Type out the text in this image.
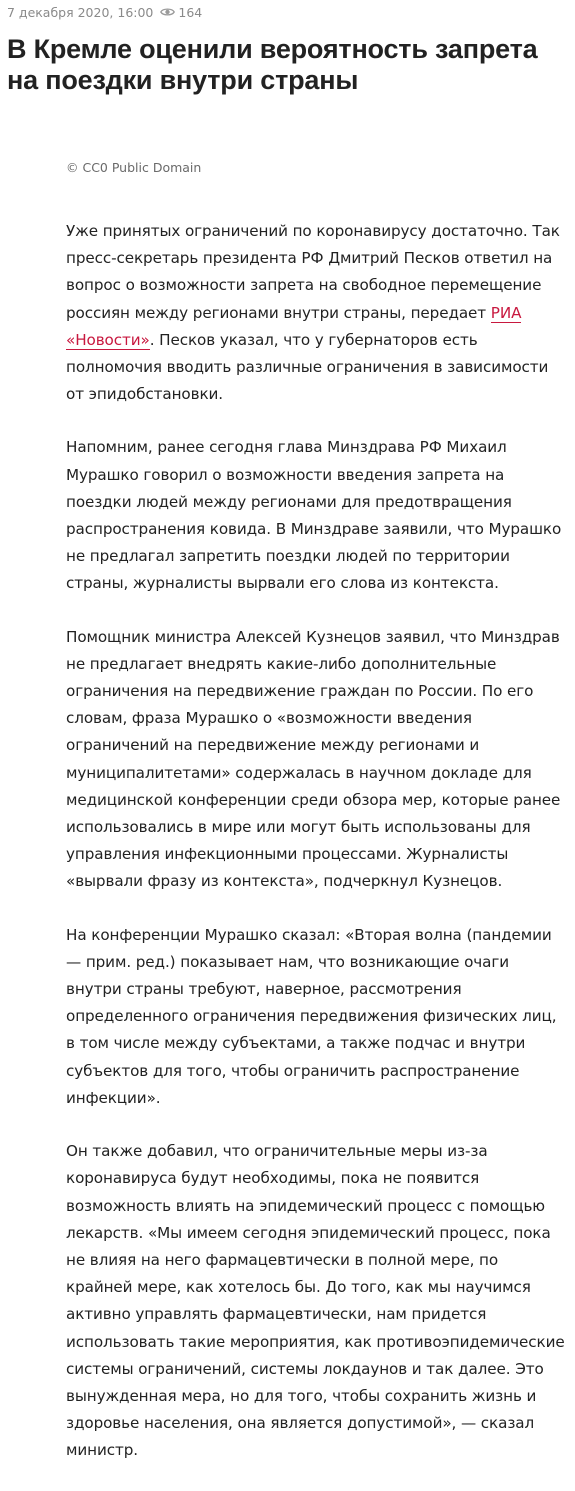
7 декабря 2020, 16:00 164
В Кремле оценили вероятность запрета на поездки внутри страны
© CC0 Public Domain

Уже принятых ограничений по коронавирусу достаточно. Так пресс-секретарь президента РФ Дмитрий Песков ответил на вопрос о возможности запрета на свободное перемещение россиян между регионами внутри страны, передает РИА «Новости». Песков указал, что у губернаторов есть полномочия вводить различные ограничения в зависимости от эпидобстановки.

Напомним, ранее сегодня глава Минздрава РФ Михаил Мурашко говорил о возможности введения запрета на поездки людей между регионами для предотвращения распространения ковида. В Минздраве заявили, что Мурашко не предлагал запретить поездки людей по территории страны, журналисты вырвали его слова из контекста.

Помощник министра Алексей Кузнецов заявил, что Минздрав не предлагает внедрять какие-либо дополнительные ограничения на передвижение граждан по России. По его словам, фраза Мурашко о «возможности введения ограничений на передвижение между регионами и муниципалитетами» содержалась в научном докладе для медицинской конференции среди обзора мер, которые ранее использовались в мире или могут быть использованы для управления инфекционными процессами. Журналисты «вырвали фразу из контекста», подчеркнул Кузнецов.

На конференции Мурашко сказал: «Вторая волна (пандемии — прим. ред.) показывает нам, что возникающие очаги внутри страны требуют, наверное, рассмотрения определенного ограничения передвижения физических лиц, в том числе между субъектами, а также подчас и внутри субъектов для того, чтобы ограничить распространение инфекции».

Он также добавил, что ограничительные меры из-за коронавируса будут необходимы, пока не появится возможность влиять на эпидемический процесс с помощью лекарств. «Мы имеем сегодня эпидемический процесс, пока не влияя на него фармацевтически в полной мере, по крайней мере, как хотелось бы. До того, как мы научимся активно управлять фармацевтически, нам придется использовать такие мероприятия, как противоэпидемические системы ограничений, системы локдаунов и так далее. Это вынужденная мера, но для того, чтобы сохранить жизнь и здоровье населения, она является допустимой», — сказал министр.
